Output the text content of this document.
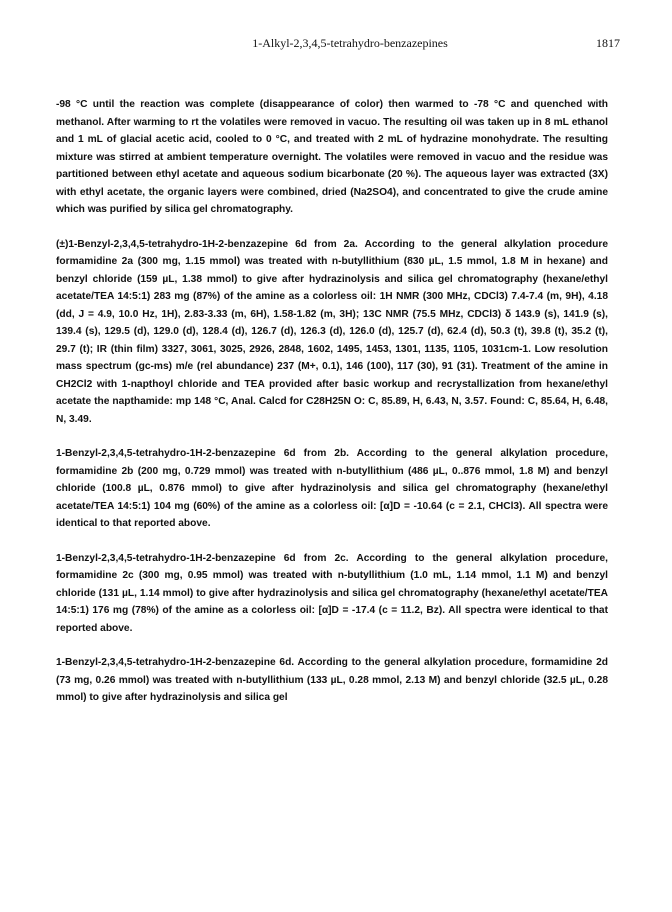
1-Alkyl-2,3,4,5-tetrahydro-benzazepines	1817

-98 °C until the reaction was complete (disappearance of color) then warmed to -78 °C and quenched with methanol. After warming to rt the volatiles were removed in vacuo. The resulting oil was taken up in 8 mL ethanol and 1 mL of glacial acetic acid, cooled to 0 °C, and treated with 2 mL of hydrazine monohydrate. The resulting mixture was stirred at ambient temperature overnight. The volatiles were removed in vacuo and the residue was partitioned between ethyl acetate and aqueous sodium bicarbonate (20 %). The aqueous layer was extracted (3X) with ethyl acetate, the organic layers were combined, dried (Na2SO4), and concentrated to give the crude amine which was purified by silica gel chromatography.

(±)1-Benzyl-2,3,4,5-tetrahydro-1H-2-benzazepine 6d from 2a. According to the general alkylation procedure formamidine 2a (300 mg, 1.15 mmol) was treated with n-butyllithium (830 µL, 1.5 mmol, 1.8 M in hexane) and benzyl chloride (159 µL, 1.38 mmol) to give after hydrazinolysis and silica gel chromatography (hexane/ethyl acetate/TEA 14:5:1) 283 mg (87%) of the amine as a colorless oil: 1H NMR (300 MHz, CDCl3) 7.4-7.4 (m, 9H), 4.18 (dd, J = 4.9, 10.0 Hz, 1H), 2.83-3.33 (m, 6H), 1.58-1.82 (m, 3H); 13C NMR (75.5 MHz, CDCl3) δ 143.9 (s), 141.9 (s), 139.4 (s), 129.5 (d), 129.0 (d), 128.4 (d), 126.7 (d), 126.3 (d), 126.0 (d), 125.7 (d), 62.4 (d), 50.3 (t), 39.8 (t), 35.2 (t), 29.7 (t); IR (thin film) 3327, 3061, 3025, 2926, 2848, 1602, 1495, 1453, 1301, 1135, 1105, 1031cm-1. Low resolution mass spectrum (gc-ms) m/e (rel abundance) 237 (M+, 0.1), 146 (100), 117 (30), 91 (31). Treatment of the amine in CH2Cl2 with 1-napthoyl chloride and TEA provided after basic workup and recrystallization from hexane/ethyl acetate the napthamide: mp 148 °C, Anal. Calcd for C28H25N O: C, 85.89, H, 6.43, N, 3.57. Found: C, 85.64, H, 6.48, N, 3.49.

1-Benzyl-2,3,4,5-tetrahydro-1H-2-benzazepine 6d from 2b. According to the general alkylation procedure, formamidine 2b (200 mg, 0.729 mmol) was treated with n-butyllithium (486 µL, 0..876 mmol, 1.8 M) and benzyl chloride (100.8 µL, 0.876 mmol) to give after hydrazinolysis and silica gel chromatography (hexane/ethyl acetate/TEA 14:5:1) 104 mg (60%) of the amine as a colorless oil: [α]D = -10.64 (c = 2.1, CHCl3). All spectra were identical to that reported above.

1-Benzyl-2,3,4,5-tetrahydro-1H-2-benzazepine 6d from 2c. According to the general alkylation procedure, formamidine 2c (300 mg, 0.95 mmol) was treated with n-butyllithium (1.0 mL, 1.14 mmol, 1.1 M) and benzyl chloride (131 µL, 1.14 mmol) to give after hydrazinolysis and silica gel chromatography (hexane/ethyl acetate/TEA 14:5:1) 176 mg (78%) of the amine as a colorless oil: [α]D = -17.4 (c = 11.2, Bz). All spectra were identical to that reported above.

1-Benzyl-2,3,4,5-tetrahydro-1H-2-benzazepine 6d. According to the general alkylation procedure, formamidine 2d (73 mg, 0.26 mmol) was treated with n-butyllithium (133 µL, 0.28 mmol, 2.13 M) and benzyl chloride (32.5 µL, 0.28 mmol) to give after hydrazinolysis and silica gel
